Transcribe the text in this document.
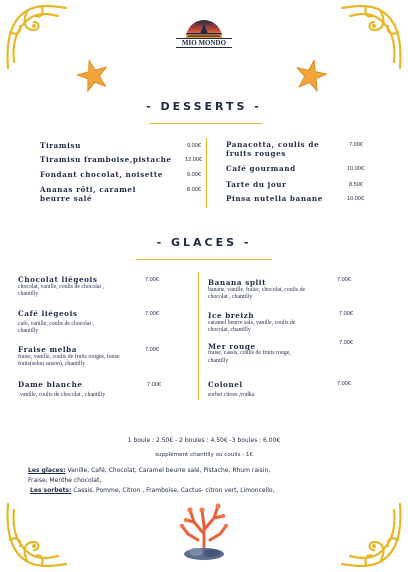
MIO MONDO
- DESSERTS -
Tiramisu	9.00€
Tiramisu framboise,pistache 12.00€
Fondant chocolat, noisette	9.00€
Ananas rôti, caramel
beurre salé
8.00€
Panacotta, coulis de
fruits rouges
7.00€
Café gourmand	10.00€
Tarte du jour	8.50€
Pinsa nutella banane	10.00€
- GLACES -
Chocolat liégeois	7.00€
chocolat, vanille, coulis de chocolat ,
chantilly
Café liégeois	7.00€
café, vanille, coulis de chocolat ,
chantilly
Fraise melba	7.00€
fraise, vanille, coulis de fruits rouges, fraise
fraits(selon saison), chantilly
Dame blanche	7.00€
vanille, coulis de chocolat , chantilly
Banana split	7.00€
banane, vanille, fraise, chocolat, coulis de
chocolat , chantilly
Ice breizh	7.00€
caramel beurre salé, vanille, coulis de
chocolat, chantilly
Mer rouge	7.00€
fraise, cassis, coulis de fruits rouge,
chantilly
Colonel	7.00€
sorbet citron ,vodka
1 boule : 2.50€ - 2 boules : 4.50€ -3 boules : 6.00€
supplément chantilly ou coulis : 1€
Les glaces: Vanille, Café, Chocolat, Caramel beurre salé, Pistache, Rhum raisin,
Fraise, Menthe chocolat,
Les sorbets: Cassis, Pomme, Citron , Framboise, Cactus- citron vert, Limoncello,
